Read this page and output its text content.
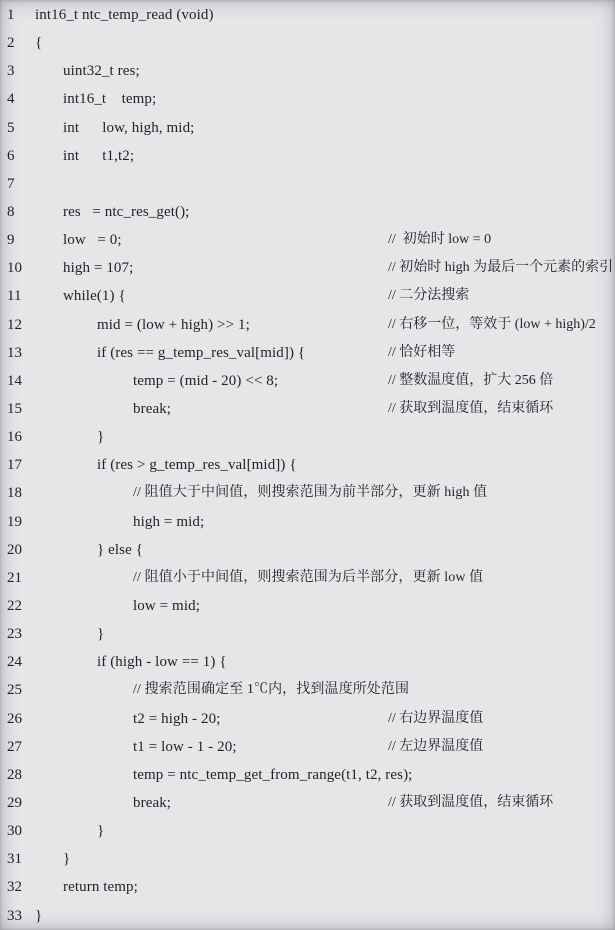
1 int16_t ntc_temp_read (void)
2 {
3	uint32_t res;
4	int16_t    temp;
5	int      low, high, mid;
6	int      t1,t2;
7
8	res   = ntc_res_get();
9	low   = 0;	//  初始时 low = 0
10	high = 107;	// 初始时 high 为最后一个元素的索引
11	while(1) {	// 二分法搜索
12	mid = (low + high) >> 1;	// 右移一位，等效于 (low + high)/2
13	if (res == g_temp_res_val[mid]) {	// 恰好相等
14	temp = (mid - 20) << 8;	// 整数温度值，扩大 256 倍
15	break;	// 获取到温度值，结束循环
16	}
17	if (res > g_temp_res_val[mid]) {
18	// 阻值大于中间值，则搜索范围为前半部分，更新 high 值
19	high = mid;
20	} else {
21	// 阻值小于中间值，则搜索范围为后半部分，更新 low 值
22	low = mid;
23	}
24	if (high - low == 1) {
25	// 搜索范围确定至 1℃内，找到温度所处范围
26	t2 = high - 20;	// 右边界温度值
27	t1 = low - 1 - 20;	// 左边界温度值
28	temp = ntc_temp_get_from_range(t1, t2, res);
29	break;	// 获取到温度值，结束循环
30	}
31	}
32	return temp;
33 }
